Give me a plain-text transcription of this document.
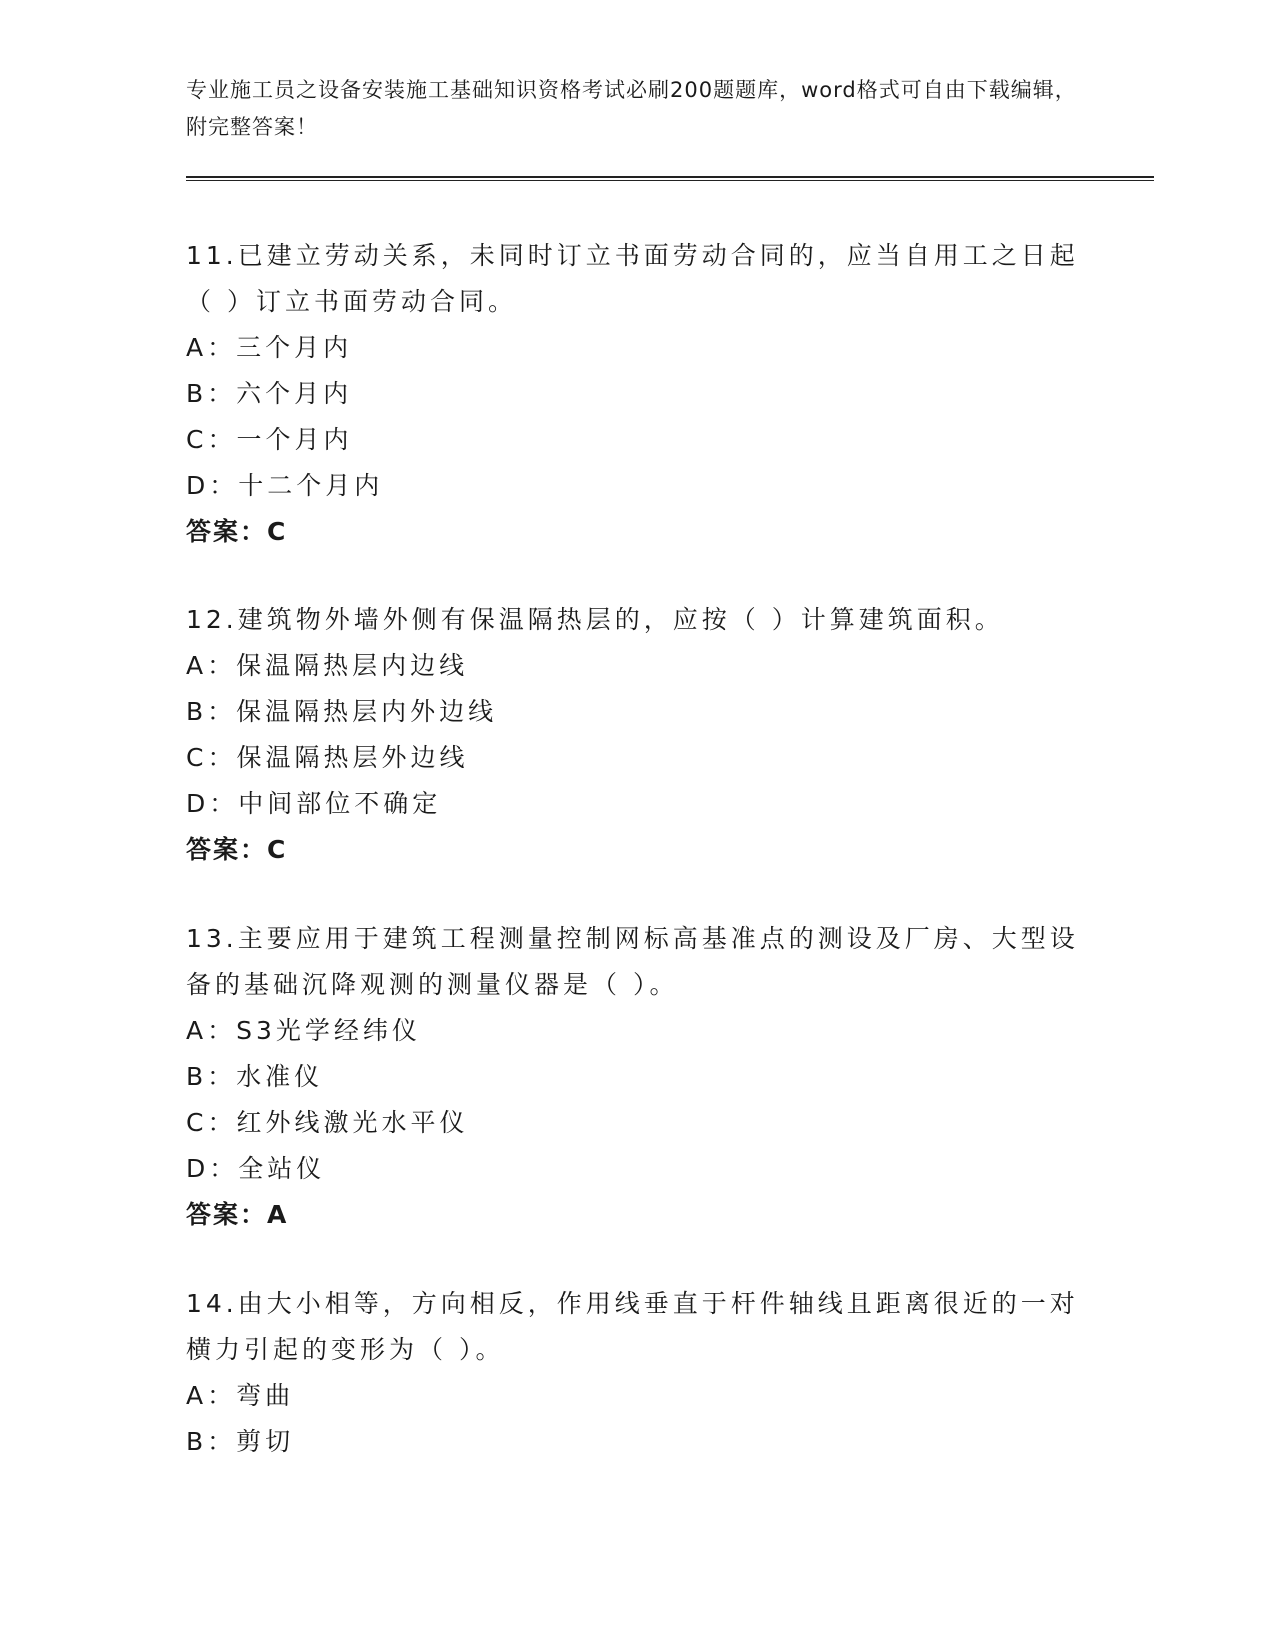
专业施工员之设备安装施工基础知识资格考试必刷200题题库，word格式可自由下载编辑，附完整答案！

11.已建立劳动关系，未同时订立书面劳动合同的，应当自用工之日起（ ）订立书面劳动合同。

A：三个月内
B：六个月内
C：一个月内
D：十二个月内
答案：C

12.建筑物外墙外侧有保温隔热层的，应按（ ）计算建筑面积。

A：保温隔热层内边线
B：保温隔热层内外边线
C：保温隔热层外边线
D：中间部位不确定
答案：C

13.主要应用于建筑工程测量控制网标高基准点的测设及厂房、大型设备的基础沉降观测的测量仪器是（ ）。

A：S3光学经纬仪
B：水准仪
C：红外线激光水平仪
D：全站仪
答案：A

14.由大小相等，方向相反，作用线垂直于杆件轴线且距离很近的一对横力引起的变形为（ ）。

A：弯曲
B：剪切
